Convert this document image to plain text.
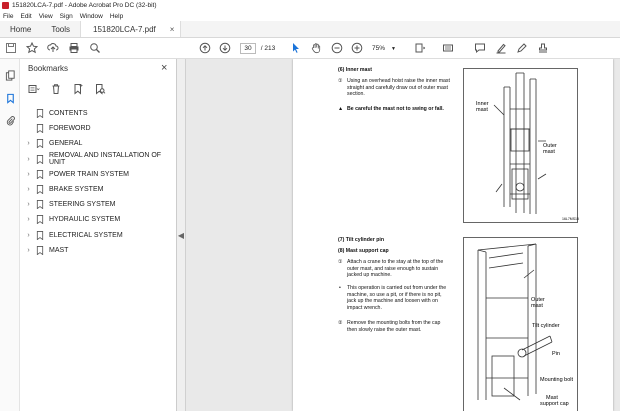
151820LCA-7.pdf - Adobe Acrobat Pro DC (32-bit)
File Edit View Sign Window Help
Home	Tools	151820LCA-7.pdf ×
30	/ 213	75% ▼
Bookmarks	×
CONTENTS
FOREWORD
›	GENERAL
›	REMOVAL AND INSTALLATION OF UNIT
›	POWER TRAIN SYSTEM
›	BRAKE SYSTEM
›	STEERING SYSTEM
›	HYDRAULIC SYSTEM
›	ELECTRICAL SYSTEM
›	MAST
◀
(6) Inner mast
① Using an overhead hoist raise the inner mast straight and carefully draw out of outer mast section.
▲ Be careful the mast not to swing or fall.
Inner
mast
Outer
mast
16L7MS15
(7) Tilt cylinder pin
(8) Mast support cap
① Attach a crane to the stay at the top of the outer mast, and raise enough to sustain jacked up machine.
•	This operation is carried out from under the machine, so use a pit, or if there is no pit, jack up the machine and loosen with on impact wrench.
② Remove the mounting bolts from the cap then slowly raise the outer mast.
Outer
mast
Tilt cylinder
Pin
Mounting bolt
Mast
support cap
